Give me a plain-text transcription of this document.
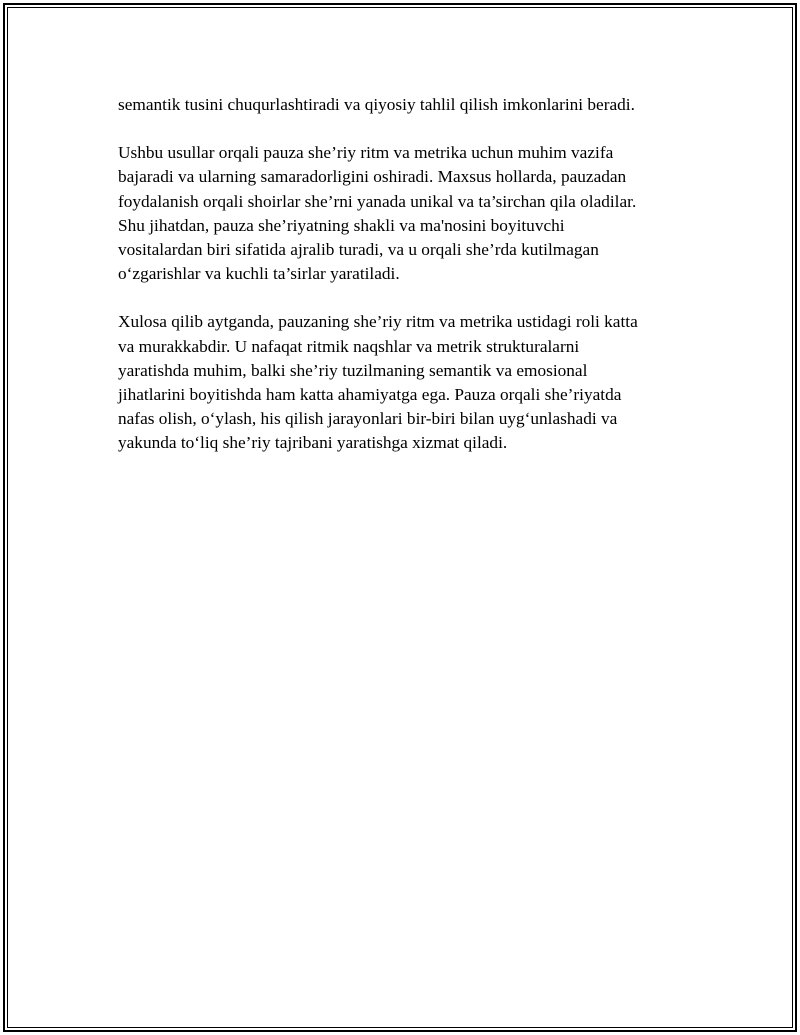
semantik tusini chuqurlashtiradi va qiyosiy tahlil qilish imkonlarini beradi.

Ushbu usullar orqali pauza she’riy ritm va metrika uchun muhim vazifa
bajaradi va ularning samaradorligini oshiradi. Maxsus hollarda, pauzadan
foydalanish orqali shoirlar she’rni yanada unikal va ta’sirchan qila oladilar.
Shu jihatdan, pauza she’riyatning shakli va ma'nosini boyituvchi
vositalardan biri sifatida ajralib turadi, va u orqali she’rda kutilmagan
o‘zgarishlar va kuchli ta’sirlar yaratiladi.

Xulosa qilib aytganda, pauzaning she’riy ritm va metrika ustidagi roli katta
va murakkabdir. U nafaqat ritmik naqshlar va metrik strukturalarni
yaratishda muhim, balki she’riy tuzilmaning semantik va emosional
jihatlarini boyitishda ham katta ahamiyatga ega. Pauza orqali she’riyatda
nafas olish, o‘ylash, his qilish jarayonlari bir-biri bilan uyg‘unlashadi va
yakunda to‘liq she’riy tajribani yaratishga xizmat qiladi.
